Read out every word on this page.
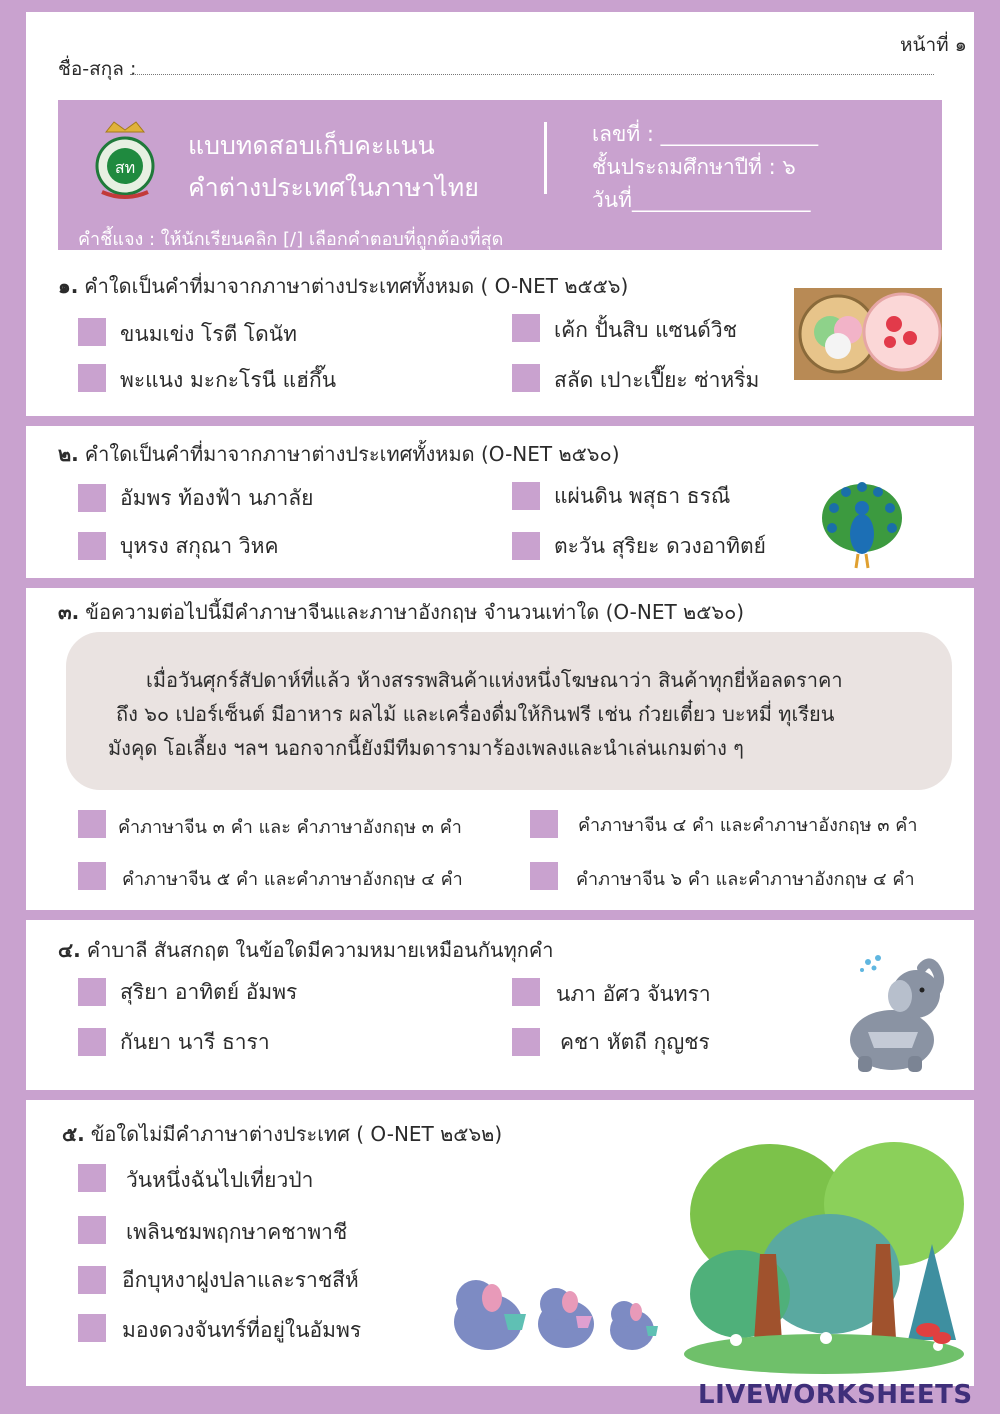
หน้าที่ ๑
ชื่อ-สกุล :
สท
แบบทดสอบเก็บคะแนน
คำต่างประเทศในภาษาไทย
เลขที่ : _______________
ชั้นประถมศึกษาปีที่ : ๖
วันที่_________________
คำชี้แจง : ให้นักเรียนคลิก [/] เลือกคำตอบที่ถูกต้องที่สุด
๑. คำใดเป็นคำที่มาจากภาษาต่างประเทศทั้งหมด ( O-NET ๒๕๕๖)
ขนมเข่ง โรตี โดนัท	เค้ก ปั้นสิบ แซนด์วิช
พะแนง มะกะโรนี แฮ่กึ๊น	สลัด เปาะเปี๊ยะ ซ่าหริ่ม
๒. คำใดเป็นคำที่มาจากภาษาต่างประเทศทั้งหมด (O-NET ๒๕๖๐)
อัมพร ท้องฟ้า นภาลัย	แผ่นดิน พสุธา ธรณี
บุหรง สกุณา วิหค	ตะวัน สุริยะ ดวงอาทิตย์
๓. ข้อความต่อไปนี้มีคำภาษาจีนและภาษาอังกฤษ จำนวนเท่าใด (O-NET ๒๕๖๐)
เมื่อวันศุกร์สัปดาห์ที่แล้ว ห้างสรรพสินค้าแห่งหนึ่งโฆษณาว่า สินค้าทุกยี่ห้อลดราคา
ถึง ๖๐ เปอร์เซ็นต์ มีอาหาร ผลไม้ และเครื่องดื่มให้กินฟรี เช่น ก๋วยเตี๋ยว บะหมี่ ทุเรียน
มังคุด โอเลี้ยง ฯลฯ นอกจากนี้ยังมีทีมดารามาร้องเพลงและนำเล่นเกมต่าง ๆ
คำภาษาจีน ๓ คำ และ คำภาษาอังกฤษ ๓ คำ	คำภาษาจีน ๔ คำ และคำภาษาอังกฤษ ๓ คำ
คำภาษาจีน ๕ คำ และคำภาษาอังกฤษ ๔ คำ	คำภาษาจีน ๖ คำ และคำภาษาอังกฤษ ๔ คำ
๔. คำบาลี สันสกฤต ในข้อใดมีความหมายเหมือนกันทุกคำ
สุริยา อาทิตย์ อัมพร	นภา อัศว จันทรา
กันยา นารี ธารา	คชา หัตถี กุญชร
๕. ข้อใดไม่มีคำภาษาต่างประเทศ ( O-NET ๒๕๖๒)
วันหนึ่งฉันไปเที่ยวป่า
เพลินชมพฤกษาคชาพาชี
อีกบุหงาฝูงปลาและราชสีห์
มองดวงจันทร์ที่อยู่ในอัมพร
LIVEWORKSHEETS
